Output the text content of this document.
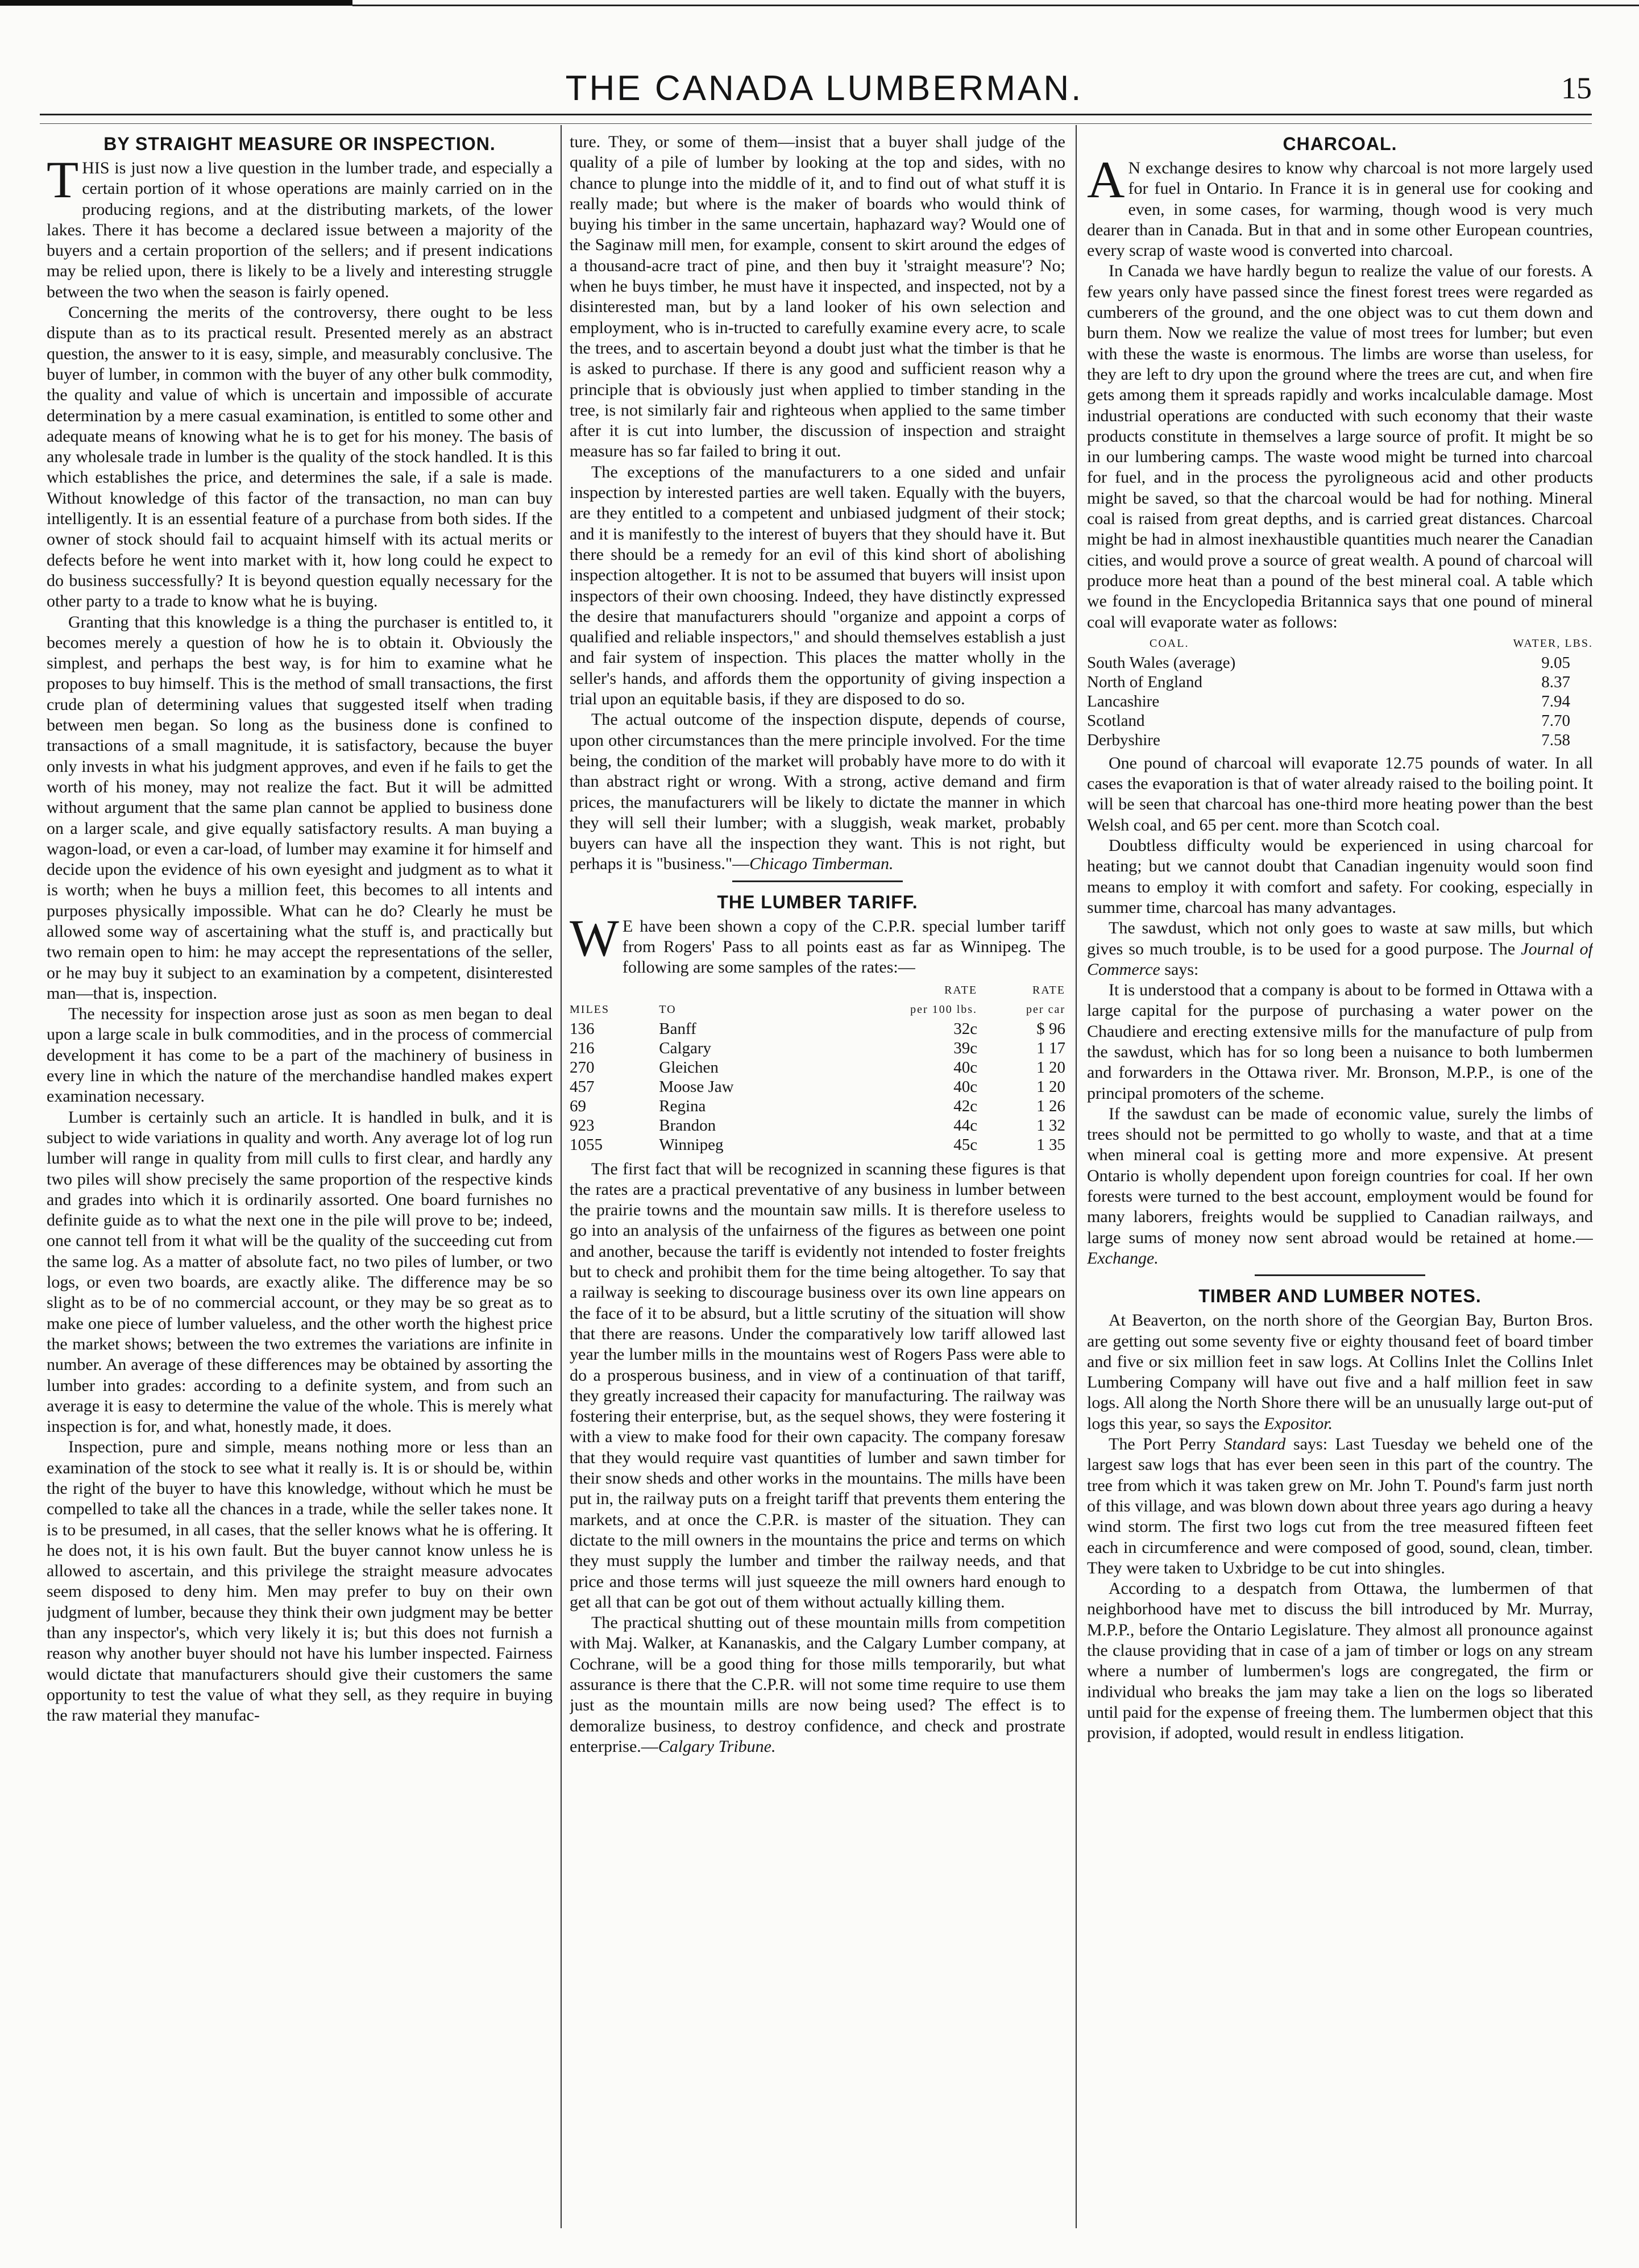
THE CANADA LUMBERMAN.	15
BY STRAIGHT MEASURE OR INSPECTION.

THIS is just now a live question in the lumber trade, and especially a certain portion of it whose operations are mainly carried on in the producing regions, and at the distributing markets, of the lower lakes. There it has become a declared issue between a majority of the buyers and a certain proportion of the sellers; and if present indications may be relied upon, there is likely to be a lively and interesting struggle between the two when the season is fairly opened.

Concerning the merits of the controversy, there ought to be less dispute than as to its practical result. Presented merely as an abstract question, the answer to it is easy, simple, and measurably conclusive. The buyer of lumber, in common with the buyer of any other bulk commodity, the quality and value of which is uncertain and impossible of accurate determination by a mere casual examination, is entitled to some other and adequate means of knowing what he is to get for his money. The basis of any wholesale trade in lumber is the quality of the stock handled. It is this which establishes the price, and determines the sale, if a sale is made. Without knowledge of this factor of the transaction, no man can buy intelligently. It is an essential feature of a purchase from both sides. If the owner of stock should fail to acquaint himself with its actual merits or defects before he went into market with it, how long could he expect to do business successfully? It is beyond question equally necessary for the other party to a trade to know what he is buying.

Granting that this knowledge is a thing the purchaser is entitled to, it becomes merely a question of how he is to obtain it. Obviously the simplest, and perhaps the best way, is for him to examine what he proposes to buy himself. This is the method of small transactions, the first crude plan of determining values that suggested itself when trading between men began. So long as the business done is confined to transactions of a small magnitude, it is satisfactory, because the buyer only invests in what his judgment approves, and even if he fails to get the worth of his money, may not realize the fact. But it will be admitted without argument that the same plan cannot be applied to business done on a larger scale, and give equally satisfactory results. A man buying a wagon-load, or even a car-load, of lumber may examine it for himself and decide upon the evidence of his own eyesight and judgment as to what it is worth; when he buys a million feet, this becomes to all intents and purposes physically impossible. What can he do? Clearly he must be allowed some way of ascertaining what the stuff is, and practically but two remain open to him: he may accept the representations of the seller, or he may buy it subject to an examination by a competent, disinterested man—that is, inspection.

The necessity for inspection arose just as soon as men began to deal upon a large scale in bulk commodities, and in the process of commercial development it has come to be a part of the machinery of business in every line in which the nature of the merchandise handled makes expert examination necessary.

Lumber is certainly such an article. It is handled in bulk, and it is subject to wide variations in quality and worth. Any average lot of log run lumber will range in quality from mill culls to first clear, and hardly any two piles will show precisely the same proportion of the respective kinds and grades into which it is ordinarily assorted. One board furnishes no definite guide as to what the next one in the pile will prove to be; indeed, one cannot tell from it what will be the quality of the succeeding cut from the same log. As a matter of absolute fact, no two piles of lumber, or two logs, or even two boards, are exactly alike. The difference may be so slight as to be of no commercial account, or they may be so great as to make one piece of lumber valueless, and the other worth the highest price the market shows; between the two extremes the variations are infinite in number. An average of these differences may be obtained by assorting the lumber into grades: according to a definite system, and from such an average it is easy to determine the value of the whole. This is merely what inspection is for, and what, honestly made, it does.

Inspection, pure and simple, means nothing more or less than an examination of the stock to see what it really is. It is or should be, within the right of the buyer to have this knowledge, without which he must be compelled to take all the chances in a trade, while the seller takes none. It is to be presumed, in all cases, that the seller knows what he is offering. It he does not, it is his own fault. But the buyer cannot know unless he is allowed to ascertain, and this privilege the straight measure advocates seem disposed to deny him. Men may prefer to buy on their own judgment of lumber, because they think their own judgment may be better than any inspector's, which very likely it is; but this does not furnish a reason why another buyer should not have his lumber inspected. Fairness would dictate that manufacturers should give their customers the same opportunity to test the value of what they sell, as they require in buying the raw material they manufac-

ture. They, or some of them—insist that a buyer shall judge of the quality of a pile of lumber by looking at the top and sides, with no chance to plunge into the middle of it, and to find out of what stuff it is really made; but where is the maker of boards who would think of buying his timber in the same uncertain, haphazard way? Would one of the Saginaw mill men, for example, consent to skirt around the edges of a thousand-acre tract of pine, and then buy it 'straight measure'? No; when he buys timber, he must have it inspected, and inspected, not by a disinterested man, but by a land looker of his own selection and employment, who is in-tructed to carefully examine every acre, to scale the trees, and to ascertain beyond a doubt just what the timber is that he is asked to purchase. If there is any good and sufficient reason why a principle that is obviously just when applied to timber standing in the tree, is not similarly fair and righteous when applied to the same timber after it is cut into lumber, the discussion of inspection and straight measure has so far failed to bring it out.

The exceptions of the manufacturers to a one sided and unfair inspection by interested parties are well taken. Equally with the buyers, are they entitled to a competent and unbiased judgment of their stock; and it is manifestly to the interest of buyers that they should have it. But there should be a remedy for an evil of this kind short of abolishing inspection altogether. It is not to be assumed that buyers will insist upon inspectors of their own choosing. Indeed, they have distinctly expressed the desire that manufacturers should "organize and appoint a corps of qualified and reliable inspectors," and should themselves establish a just and fair system of inspection. This places the matter wholly in the seller's hands, and affords them the opportunity of giving inspection a trial upon an equitable basis, if they are disposed to do so.

The actual outcome of the inspection dispute, depends of course, upon other circumstances than the mere principle involved. For the time being, the condition of the market will probably have more to do with it than abstract right or wrong. With a strong, active demand and firm prices, the manufacturers will be likely to dictate the manner in which they will sell their lumber; with a sluggish, weak market, probably buyers can have all the inspection they want. This is not right, but perhaps it is "business."—Chicago Timberman.

THE LUMBER TARIFF.

W E have been shown a copy of the C.P.R. special lumber tariff from Rogers' Pass to all points east as far as Winnipeg. The following are some samples of the rates:—

		RATE	RATE
MILES	TO	per 100 lbs.	per car
136	Banff	32c	$ 96
216	Calgary	39c	1 17
270	Gleichen	40c	1 20
457	Moose Jaw	40c	1 20
69	Regina	42c	1 26
923	Brandon	44c	1 32
1055	Winnipeg	45c	1 35

The first fact that will be recognized in scanning these figures is that the rates are a practical preventative of any business in lumber between the prairie towns and the mountain saw mills. It is therefore useless to go into an analysis of the unfairness of the figures as between one point and another, because the tariff is evidently not intended to foster freights but to check and prohibit them for the time being altogether. To say that a railway is seeking to discourage business over its own line appears on the face of it to be absurd, but a little scrutiny of the situation will show that there are reasons. Under the comparatively low tariff allowed last year the lumber mills in the mountains west of Rogers Pass were able to do a prosperous business, and in view of a continuation of that tariff, they greatly increased their capacity for manufacturing. The railway was fostering their enterprise, but, as the sequel shows, they were fostering it with a view to make food for their own capacity. The company foresaw that they would require vast quantities of lumber and sawn timber for their snow sheds and other works in the mountains. The mills have been put in, the railway puts on a freight tariff that prevents them entering the markets, and at once the C.P.R. is master of the situation. They can dictate to the mill owners in the mountains the price and terms on which they must supply the lumber and timber the railway needs, and that price and those terms will just squeeze the mill owners hard enough to get all that can be got out of them without actually killing them.

The practical shutting out of these mountain mills from competition with Maj. Walker, at Kananaskis, and the Calgary Lumber company, at Cochrane, will be a good thing for those mills temporarily, but what assurance is there that the C.P.R. will not some time require to use them just as the mountain mills are now being used? The effect is to demoralize business, to destroy confidence, and check and prostrate enterprise.—Calgary Tribune.

CHARCOAL.

A N exchange desires to know why charcoal is not more largely used for fuel in Ontario. In France it is in general use for cooking and even, in some cases, for warming, though wood is very much dearer than in Canada. But in that and in some other European countries, every scrap of waste wood is converted into charcoal.

In Canada we have hardly begun to realize the value of our forests. A few years only have passed since the finest forest trees were regarded as cumberers of the ground, and the one object was to cut them down and burn them. Now we realize the value of most trees for lumber; but even with these the waste is enormous. The limbs are worse than useless, for they are left to dry upon the ground where the trees are cut, and when fire gets among them it spreads rapidly and works incalculable damage. Most industrial operations are conducted with such economy that their waste products constitute in themselves a large source of profit. It might be so in our lumbering camps. The waste wood might be turned into charcoal for fuel, and in the process the pyroligneous acid and other products might be saved, so that the charcoal would be had for nothing. Mineral coal is raised from great depths, and is carried great distances. Charcoal might be had in almost inexhaustible quantities much nearer the Canadian cities, and would prove a source of great wealth. A pound of charcoal will produce more heat than a pound of the best mineral coal. A table which we found in the Encyclopedia Britannica says that one pound of mineral coal will evaporate water as follows:

COAL.	WATER, LBS.
South Wales (average)	9.05
North of England	8.37
Lancashire	7.94
Scotland	7.70
Derbyshire	7.58

One pound of charcoal will evaporate 12.75 pounds of water. In all cases the evaporation is that of water already raised to the boiling point. It will be seen that charcoal has one-third more heating power than the best Welsh coal, and 65 per cent. more than Scotch coal.

Doubtless difficulty would be experienced in using charcoal for heating; but we cannot doubt that Canadian ingenuity would soon find means to employ it with comfort and safety. For cooking, especially in summer time, charcoal has many advantages.

The sawdust, which not only goes to waste at saw mills, but which gives so much trouble, is to be used for a good purpose. The Journal of Commerce says:

It is understood that a company is about to be formed in Ottawa with a large capital for the purpose of purchasing a water power on the Chaudiere and erecting extensive mills for the manufacture of pulp from the sawdust, which has for so long been a nuisance to both lumbermen and forwarders in the Ottawa river. Mr. Bronson, M.P.P., is one of the principal promoters of the scheme.

If the sawdust can be made of economic value, surely the limbs of trees should not be permitted to go wholly to waste, and that at a time when mineral coal is getting more and more expensive. At present Ontario is wholly dependent upon foreign countries for coal. If her own forests were turned to the best account, employment would be found for many laborers, freights would be supplied to Canadian railways, and large sums of money now sent abroad would be retained at home.—Exchange.

TIMBER AND LUMBER NOTES.

At Beaverton, on the north shore of the Georgian Bay, Burton Bros. are getting out some seventy five or eighty thousand feet of board timber and five or six million feet in saw logs. At Collins Inlet the Collins Inlet Lumbering Company will have out five and a half million feet in saw logs. All along the North Shore there will be an unusually large out-put of logs this year, so says the Expositor.

The Port Perry Standard says: Last Tuesday we beheld one of the largest saw logs that has ever been seen in this part of the country. The tree from which it was taken grew on Mr. John T. Pound's farm just north of this village, and was blown down about three years ago during a heavy wind storm. The first two logs cut from the tree measured fifteen feet each in circumference and were composed of good, sound, clean, timber. They were taken to Uxbridge to be cut into shingles.

According to a despatch from Ottawa, the lumbermen of that neighborhood have met to discuss the bill introduced by Mr. Murray, M.P.P., before the Ontario Legislature. They almost all pronounce against the clause providing that in case of a jam of timber or logs on any stream where a number of lumbermen's logs are congregated, the firm or individual who breaks the jam may take a lien on the logs so liberated until paid for the expense of freeing them. The lumbermen object that this provision, if adopted, would result in endless litigation.
